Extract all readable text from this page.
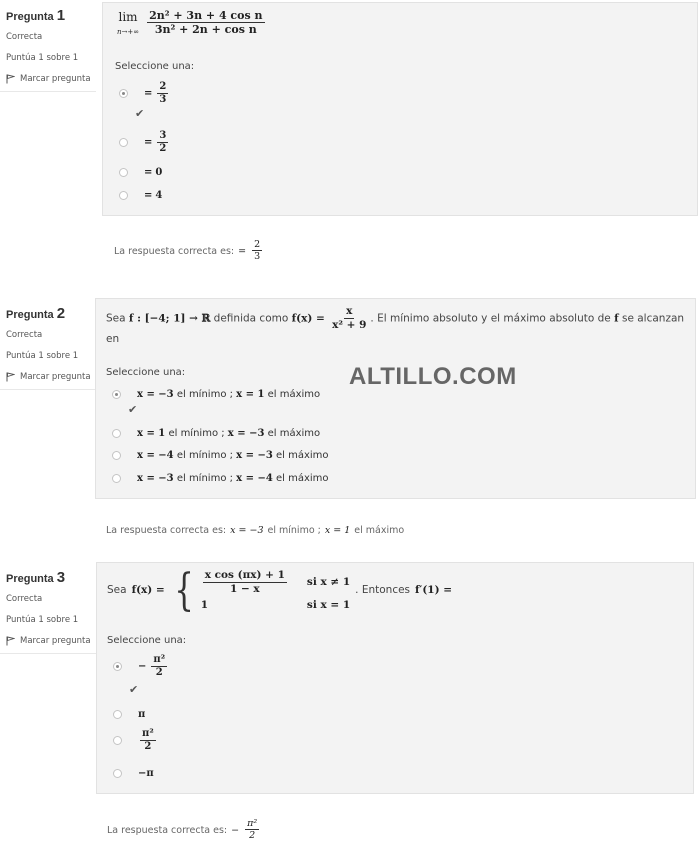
Pregunta 1
Correcta
Puntúa 1 sobre 1
Marcar pregunta
lim
$n\to+\infty \frac{\text{2n² + 3n + 4 cos n}}{\text{3n² + 2n + cos n}}$
Seleccione una:
= $\frac{2}{3}$
✔
= $\frac{3}{2}$
= 0
= 4
La respuesta correcta es: = $\frac{2}{3}$
Pregunta 2
Correcta
Puntúa 1 sobre 1
Marcar pregunta
Sea f : [−4; 1] → ℝ definida como $f(x) = \frac{x}{\text{x² + 9}}$ . El mínimo absoluto y el máximo absoluto de f se alcanzan en
Seleccione una:
x = −3
el mínimo ;
x = 1
el máximo
✔
x = 1
el mínimo ;
x = −3
el máximo
x = −4
el mínimo ;
x = −3
el máximo
x = −3
el mínimo ;
x = −4
el máximo
La respuesta correcta es: x = −3 el mínimo ; x = 1 el máximo
Pregunta 3
Correcta
Puntúa 1 sobre 1
Marcar pregunta
Sea f(x) = { $\frac{\text{x cos (πx) + 1}}{1 - x}$ si x ≠ 1
1	si x = 1
. Entonces f′(1) =
Seleccione una:
− $\frac{\text{π²}}{2}$
✔
π
$\frac{\text{π²}}{2}$
−π
La respuesta correcta es: − $\frac{\text{π²}}{2}$
ALTILLO.COM
